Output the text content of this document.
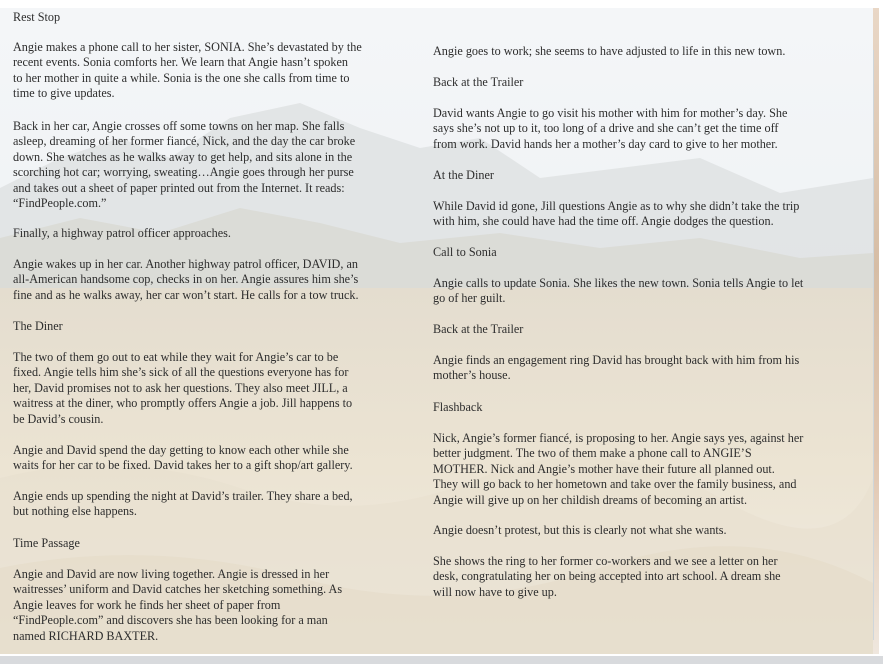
Rest Stop
Angie makes a phone call to her sister, SONIA. She’s devastated by the
recent events. Sonia comforts her. We learn that Angie hasn’t spoken
to her mother in quite a while. Sonia is the one she calls from time to
time to give updates.
Back in her car, Angie crosses off some towns on her map. She falls
asleep, dreaming of her former fiancé, Nick, and the day the car broke
down. She watches as he walks away to get help, and sits alone in the
scorching hot car; worrying, sweating…Angie goes through her purse
and takes out a sheet of paper printed out from the Internet. It reads:
“FindPeople.com.”
Finally, a highway patrol officer approaches.
Angie wakes up in her car. Another highway patrol officer, DAVID, an
all-American handsome cop, checks in on her. Angie assures him she’s
fine and as he walks away, her car won’t start. He calls for a tow truck.
The Diner
The two of them go out to eat while they wait for Angie’s car to be
fixed. Angie tells him she’s sick of all the questions everyone has for
her, David promises not to ask her questions. They also meet JILL, a
waitress at the diner, who promptly offers Angie a job. Jill happens to
be David’s cousin.
Angie and David spend the day getting to know each other while she
waits for her car to be fixed. David takes her to a gift shop/art gallery.
Angie ends up spending the night at David’s trailer. They share a bed,
but nothing else happens.
Time Passage
Angie and David are now living together. Angie is dressed in her
waitresses’ uniform and David catches her sketching something. As
Angie leaves for work he finds her sheet of paper from
“FindPeople.com” and discovers she has been looking for a man
named RICHARD BAXTER.
Angie goes to work; she seems to have adjusted to life in this new town.
Back at the Trailer
David wants Angie to go visit his mother with him for mother’s day. She
says she’s not up to it, too long of a drive and she can’t get the time off
from work. David hands her a mother’s day card to give to her mother.
At the Diner
While David id gone, Jill questions Angie as to why she didn’t take the trip
with him, she could have had the time off. Angie dodges the question.
Call to Sonia
Angie calls to update Sonia. She likes the new town. Sonia tells Angie to let
go of her guilt.
Back at the Trailer
Angie finds an engagement ring David has brought back with him from his
mother’s house.
Flashback
Nick, Angie’s former fiancé, is proposing to her. Angie says yes, against her
better judgment. The two of them make a phone call to ANGIE’S
MOTHER. Nick and Angie’s mother have their future all planned out.
They will go back to her hometown and take over the family business, and
Angie will give up on her childish dreams of becoming an artist.
Angie doesn’t protest, but this is clearly not what she wants.
She shows the ring to her former co-workers and we see a letter on her
desk, congratulating her on being accepted into art school. A dream she
will now have to give up.
